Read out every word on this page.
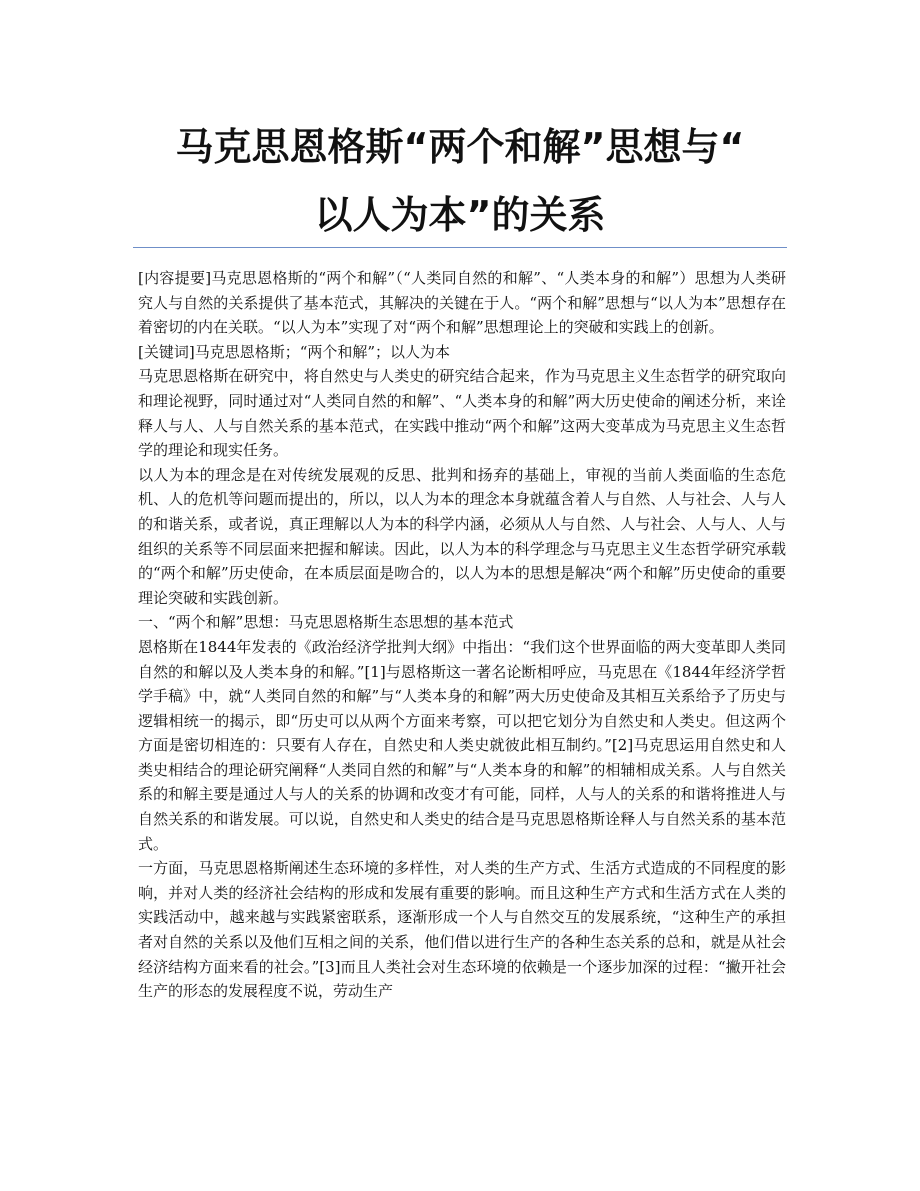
马克思恩格斯“两个和解”思想与“
以人为本”的关系

[内容提要]马克思恩格斯的“两个和解”（“人类同自然的和解”、“人类本身的和解”）思想为人类研究人与自然的关系提供了基本范式，其解决的关键在于人。“两个和解”思想与“以人为本”思想存在着密切的内在关联。“以人为本”实现了对“两个和解”思想理论上的突破和实践上的创新。

[关键词]马克思恩格斯；“两个和解”；以人为本

马克思恩格斯在研究中，将自然史与人类史的研究结合起来，作为马克思主义生态哲学的研究取向和理论视野，同时通过对“人类同自然的和解”、“人类本身的和解”两大历史使命的阐述分析，来诠释人与人、人与自然关系的基本范式，在实践中推动“两个和解”这两大变革成为马克思主义生态哲学的理论和现实任务。

以人为本的理念是在对传统发展观的反思、批判和扬弃的基础上，审视的当前人类面临的生态危机、人的危机等问题而提出的，所以，以人为本的理念本身就蕴含着人与自然、人与社会、人与人的和谐关系，或者说，真正理解以人为本的科学内涵，必须从人与自然、人与社会、人与人、人与组织的关系等不同层面来把握和解读。因此，以人为本的科学理念与马克思主义生态哲学研究承载的“两个和解”历史使命，在本质层面是吻合的，以人为本的思想是解决“两个和解”历史使命的重要理论突破和实践创新。

一、“两个和解”思想：马克思恩格斯生态思想的基本范式

恩格斯在1844年发表的《政治经济学批判大纲》中指出：“我们这个世界面临的两大变革即人类同自然的和解以及人类本身的和解。”[1]与恩格斯这一著名论断相呼应，马克思在《1844年经济学哲学手稿》中，就“人类同自然的和解”与“人类本身的和解”两大历史使命及其相互关系给予了历史与逻辑相统一的揭示，即“历史可以从两个方面来考察，可以把它划分为自然史和人类史。但这两个方面是密切相连的：只要有人存在，自然史和人类史就彼此相互制约。”[2]马克思运用自然史和人类史相结合的理论研究阐释“人类同自然的和解”与“人类本身的和解”的相辅相成关系。人与自然关系的和解主要是通过人与人的关系的协调和改变才有可能，同样，人与人的关系的和谐将推进人与自然关系的和谐发展。可以说，自然史和人类史的结合是马克思恩格斯诠释人与自然关系的基本范式。

一方面，马克思恩格斯阐述生态环境的多样性，对人类的生产方式、生活方式造成的不同程度的影响，并对人类的经济社会结构的形成和发展有重要的影响。而且这种生产方式和生活方式在人类的实践活动中，越来越与实践紧密联系，逐渐形成一个人与自然交互的发展系统，“这种生产的承担者对自然的关系以及他们互相之间的关系，他们借以进行生产的各种生态关系的总和，就是从社会经济结构方面来看的社会。”[3]而且人类社会对生态环境的依赖是一个逐步加深的过程：“撇开社会生产的形态的发展程度不说，劳动生产
